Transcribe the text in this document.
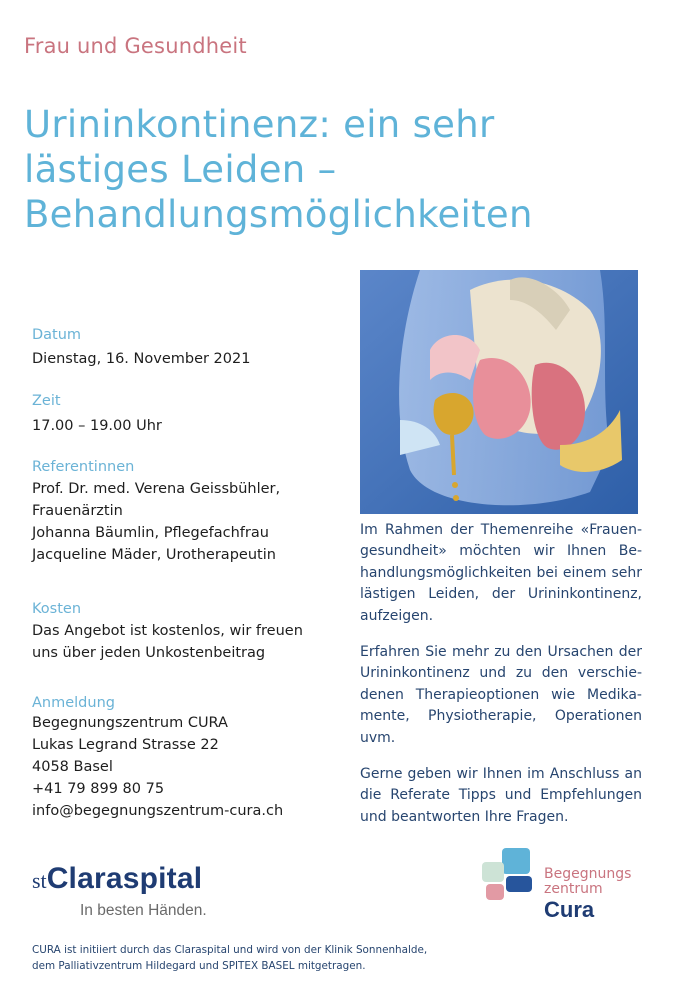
Frau und Gesundheit
Urininkontinenz: ein sehr
lästiges Leiden –
Behandlungsmöglichkeiten
Datum
Dienstag, 16. November 2021
Zeit
17.00 – 19.00 Uhr
Referentinnen
Prof. Dr. med. Verena Geissbühler,
Frauenärztin
Johanna Bäumlin, Pflegefachfrau
Jacqueline Mäder, Urotherapeutin
Kosten
Das Angebot ist kostenlos, wir freuen
uns über jeden Unkostenbeitrag
Anmeldung
Begegnungszentrum CURA
Lukas Legrand Strasse 22
4058 Basel
+41 79 899 80 75
info@begegnungszentrum-cura.ch

Im Rahmen der Themenreihe «Frauen-
gesundheit» möchten wir Ihnen Be-
handlungsmöglichkeiten bei einem sehr
lästigen Leiden, der Urininkontinenz,
aufzeigen.

Erfahren Sie mehr zu den Ursachen der
Urininkontinenz und zu den verschie-
denen Therapieoptionen wie Medika-
mente, Physiotherapie, Operationen
uvm.

Gerne geben wir Ihnen im Anschluss an
die Referate Tipps und Empfehlungen
und beantworten Ihre Fragen.

stClaraspital
In besten Händen.
Begegnungs
zentrum
Cura
CURA ist initiiert durch das Claraspital und wird von der Klinik Sonnenhalde,
dem Palliativzentrum Hildegard und SPITEX BASEL mitgetragen.
